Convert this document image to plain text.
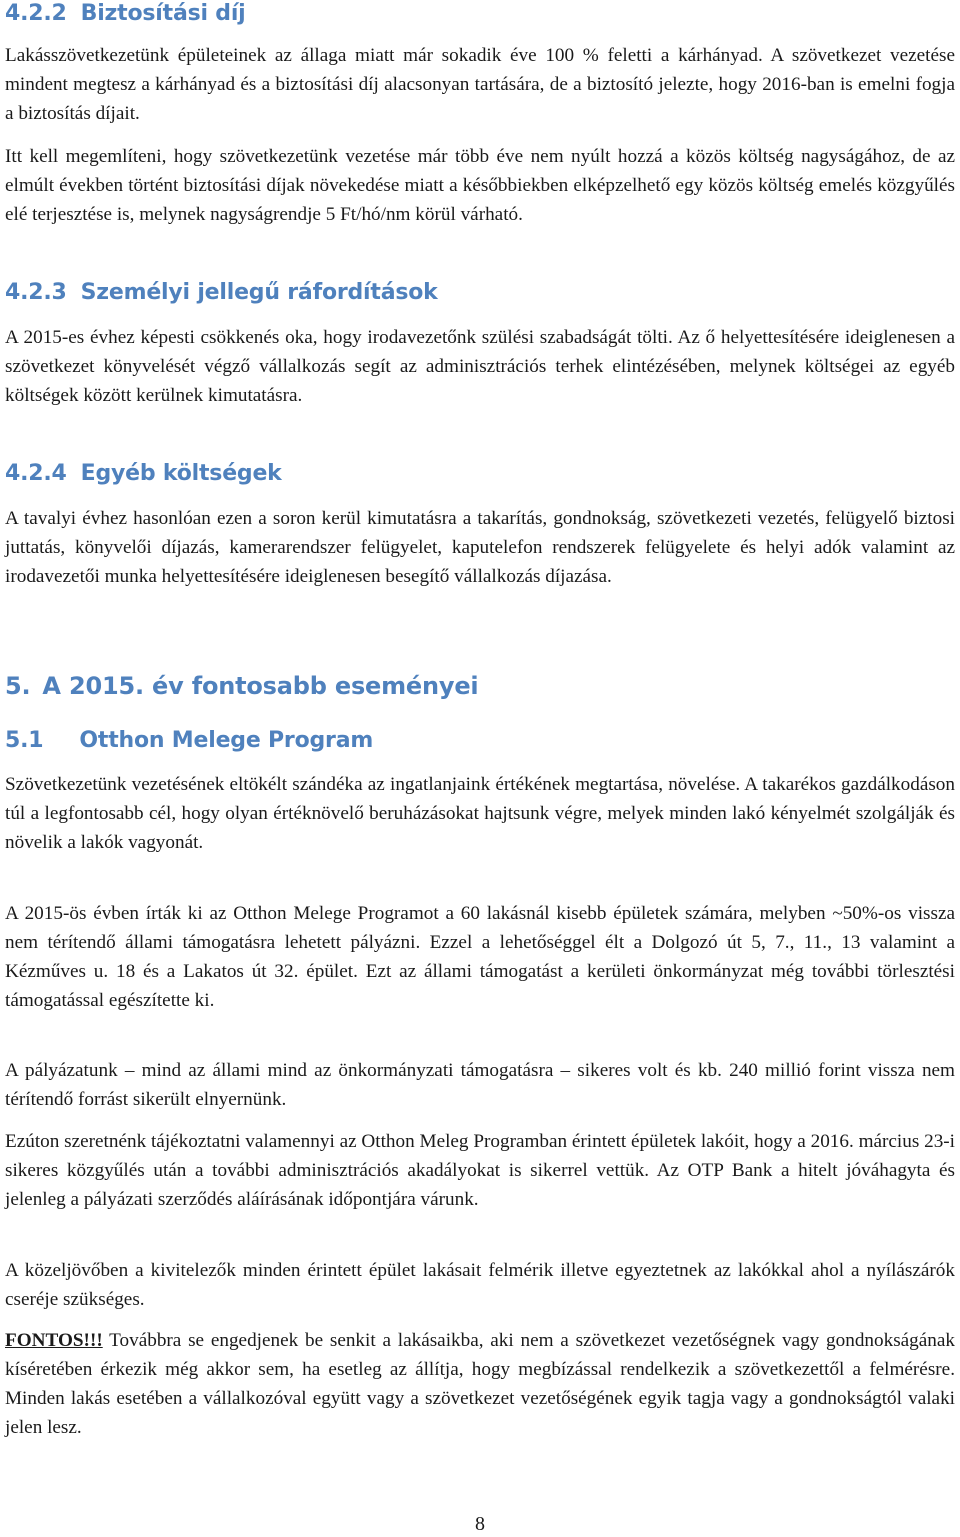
4.2.2 Biztosítási díj

Lakásszövetkezetünk épületeinek az állaga miatt már sokadik éve 100 % feletti a kárhányad. A szövetkezet vezetése mindent megtesz a kárhányad és a biztosítási díj alacsonyan tartására, de a biztosító jelezte, hogy 2016-ban is emelni fogja a biztosítás díjait.

Itt kell megemlíteni, hogy szövetkezetünk vezetése már több éve nem nyúlt hozzá a közös költség nagyságához, de az elmúlt években történt biztosítási díjak növekedése miatt a későbbiekben elképzelhető egy közös költség emelés közgyűlés elé terjesztése is, melynek nagyságrendje 5 Ft/hó/nm körül várható.

4.2.3 Személyi jellegű ráfordítások

A 2015-es évhez képesti csökkenés oka, hogy irodavezetőnk szülési szabadságát tölti. Az ő helyettesítésére ideiglenesen a szövetkezet könyvelését végző vállalkozás segít az adminisztrációs terhek elintézésében, melynek költségei az egyéb költségek között kerülnek kimutatásra.

4.2.4 Egyéb költségek

A tavalyi évhez hasonlóan ezen a soron kerül kimutatásra a takarítás, gondnokság, szövetkezeti vezetés, felügyelő biztosi juttatás, könyvelői díjazás, kamerarendszer felügyelet, kaputelefon rendszerek felügyelete és helyi adók valamint az irodavezetői munka helyettesítésére ideiglenesen besegítő vállalkozás díjazása.

5. A 2015. év fontosabb eseményei
5.1 Otthon Melege Program

Szövetkezetünk vezetésének eltökélt szándéka az ingatlanjaink értékének megtartása, növelése. A takarékos gazdálkodáson túl a legfontosabb cél, hogy olyan értéknövelő beruházásokat hajtsunk végre, melyek minden lakó kényelmét szolgálják és növelik a lakók vagyonát.

A 2015-ös évben írták ki az Otthon Melege Programot a 60 lakásnál kisebb épületek számára, melyben ~50%-os vissza nem térítendő állami támogatásra lehetett pályázni. Ezzel a lehetőséggel élt a Dolgozó út 5, 7., 11., 13 valamint a Kézműves u. 18 és a Lakatos út 32. épület. Ezt az állami támogatást a kerületi önkormányzat még további törlesztési támogatással egészítette ki.

A pályázatunk – mind az állami mind az önkormányzati támogatásra – sikeres volt és kb. 240 millió forint vissza nem térítendő forrást sikerült elnyernünk.

Ezúton szeretnénk tájékoztatni valamennyi az Otthon Meleg Programban érintett épületek lakóit, hogy a 2016. március 23-i sikeres közgyűlés után a további adminisztrációs akadályokat is sikerrel vettük. Az OTP Bank a hitelt jóváhagyta és jelenleg a pályázati szerződés aláírásának időpontjára várunk.

A közeljövőben a kivitelezők minden érintett épület lakásait felmérik illetve egyeztetnek az lakókkal ahol a nyílászárók cseréje szükséges.

FONTOS!!! Továbbra se engedjenek be senkit a lakásaikba, aki nem a szövetkezet vezetőségnek vagy gondnokságának kíséretében érkezik még akkor sem, ha esetleg az állítja, hogy megbízással rendelkezik a szövetkezettől a felmérésre. Minden lakás esetében a vállalkozóval együtt vagy a szövetkezet vezetőségének egyik tagja vagy a gondnokságtól valaki jelen lesz.

8
